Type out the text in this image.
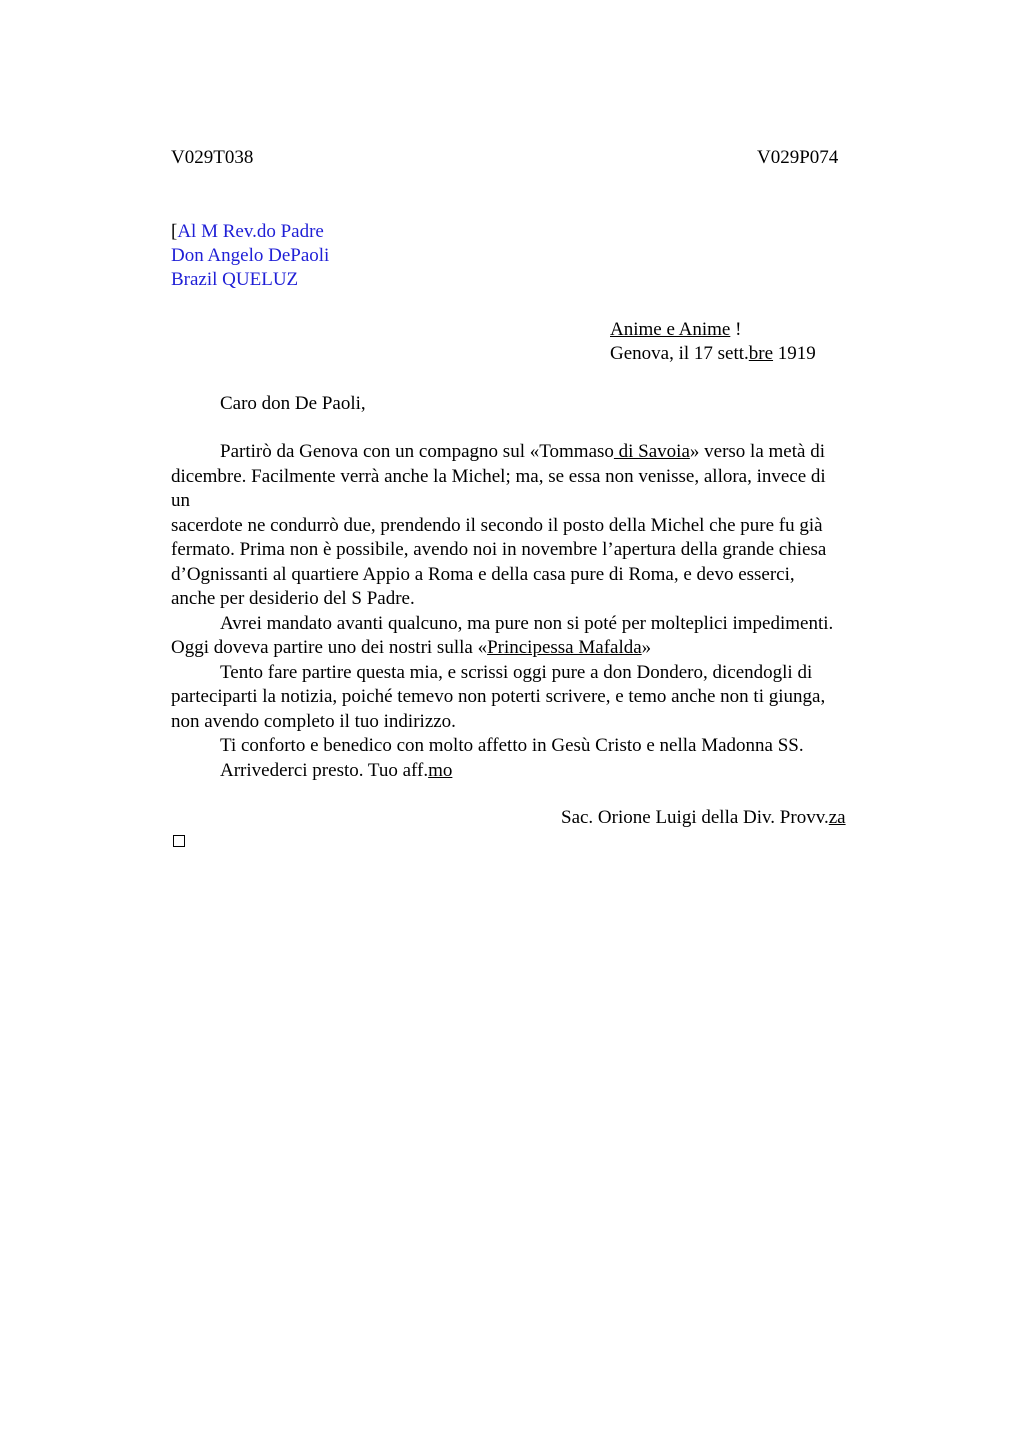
V029T038	V029P074
[Al M Rev.do Padre
Don Angelo DePaoli
Brazil QUELUZ
Anime e Anime !
Genova, il 17 sett.bre 1919
Caro don De Paoli,

Partirò da Genova con un compagno sul «Tommaso di Savoia» verso la metà di

dicembre. Facilmente verrà anche la Michel; ma, se essa non venisse, allora, invece di

un

sacerdote ne condurrò due, prendendo il secondo il posto della Michel che pure fu già

fermato. Prima non è possibile, avendo noi in novembre l’apertura della grande chiesa

d’Ognissanti al quartiere Appio a Roma e della casa pure di Roma, e devo esserci,

anche per desiderio del S Padre.

Avrei mandato avanti qualcuno, ma pure non si poté per molteplici impedimenti.

Oggi doveva partire uno dei nostri sulla «Principessa Mafalda»

Tento fare partire questa mia, e scrissi oggi pure a don Dondero, dicendogli di

parteciparti la notizia, poiché temevo non poterti scrivere, e temo anche non ti giunga,

non avendo completo il tuo indirizzo.

Ti conforto e benedico con molto affetto in Gesù Cristo e nella Madonna SS.

Arrivederci presto. Tuo aff.mo

Sac. Orione Luigi della Div. Provv.za
